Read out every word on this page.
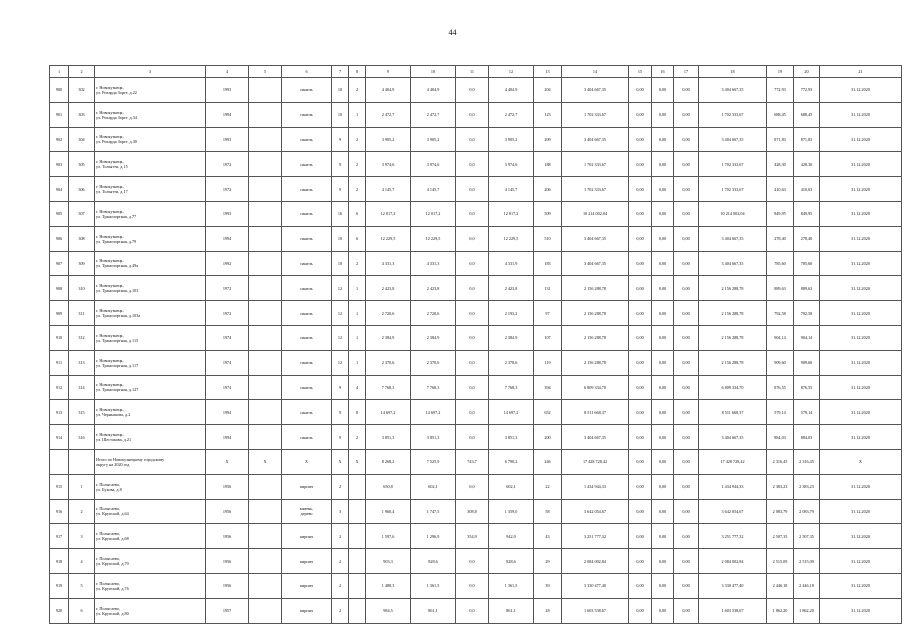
44
1	2	3	4	5	6	7	8	9	10	11	12	13	14	15	16	17	18	19	20	21
900	302	г. Новокузнецк,
ул. Рихарда Зорге, д.22	1993		панель	10	2	4 404,9	4 404,9	0,0	4 404,9	204	3 404 667,35	0,00	0,00	0,00	3 404 667,35	772,93	772,93	31.12.2020
901	303	г. Новокузнецк,
ул. Рихарда Зорге, д.34	1994		панель	10	1	2 472,7	2 472,7	0,0	2 472,7	123	1 702 333,67	0,00	0,00	0,00	1 702 333,67	688,45	688,45	31.12.2020
902	304	г. Новокузнецк,
ул. Рихарда Зорге, д.30	1993		панель	9	2	3 905,2	3 905,2	0,0	3 905,2	209	3 404 667,35	0,00	0,00	0,00	3 404 667,35	871,83	871,83	31.12.2020
903	305	г. Новокузнецк,
ул. Тольятти, д.15	1972		панель	9	2	3 974,6	3 974,6	0,0	3 974,6	188	1 702 333,67	0,00	0,00	0,00	1 702 333,67	428,30	428,30	31.12.2020
904	306	г. Новокузнецк,
ул. Тольятти, д.17	1972		панель	9	2	4 145,7	4 145,7	0,0	4 145,7	206	1 702 333,67	0,00	0,00	0,00	1 702 333,67	410,63	410,63	31.12.2020
905	307	г. Новокузнецк,
ул. Транспортная, д.77	1993		панель	16	6	12 017,2	12 017,2	0,0	12 017,2	509	10 214 002,04	0,00	0,00	0,00	10 214 002,04	849,95	849,95	31.12.2020
906	308	г. Новокузнецк,
ул. Транспортная, д.79	1994		панель	10	6	12 229,5	12 229,5	0,0	12 229,5	510	3 404 667,35	0,00	0,00	0,00	3 404 667,35	278,40	278,40	31.12.2020
907	309	г. Новокузнецк,
ул. Транспортная, д.49а	1992		панель	10	2	4 331,3	4 331,3	0,0	4 331,9	183	3 404 667,35	0,00	0,00	0,00	3 404 667,35	785,60	785,60	31.12.2020
908	310	г. Новокузнецк,
ул. Транспортная, д.103	1972		панель	12	1	2 423,8	2 423,8	0,0	2 423,8	131	2 156 288,78	0,00	0,00	0,00	2 156 288,78	889,63	889,63	31.12.2020
909	311	г. Новокузнецк,
ул. Транспортная, д.103а	1972		панель	12	1	2 720,6	2 720,6	0,0	2 193,2	97	2 156 288,78	0,00	0,00	0,00	2 156 288,78	792,58	792,58	31.12.2020
910	312	г. Новокузнецк,
ул. Транспортная, д.115	1974		панель	12	1	2 384,9	2 384,9	0,0	2 384,9	107	2 156 288,78	0,00	0,00	0,00	2 156 288,78	904,14	904,14	31.12.2020
911	313	г. Новокузнецк,
ул. Транспортная, д.117	1974		панель	12	1	2 370,6	2 370,6	0,0	2 370,6	119	2 156 288,78	0,00	0,00	0,00	2 156 288,78	909,60	909,60	31.12.2020
912	314	г. Новокузнецк,
ул. Транспортная, д.127	1974		панель	9	4	7 768,3	7 768,3	0,0	7 768,3	394	6 809 334,70	0,00	0,00	0,00	6 809 334,70	876,55	876,55	31.12.2020
913	315	г. Новокузнецк,
ул. Чернышова, д.2	1994		панель	9	8	14 697,2	14 697,2	0,0	14 697,2	652	8 511 668,37	0,00	0,00	0,00	8 511 668,37	579,14	579,14	31.12.2020
914	316	г. Новокузнецк,
ул. Шестакова, д.21	1994		панель	9	2	3 851,3	3 851,3	0,0	3 851,3	200	3 404 667,35	0,00	0,00	0,00	3 404 667,35	884,03	884,03	31.12.2020
		Итого по Новокузнецкому городскому
округу на 2020 год	X	X	X	X	X	8 268,2	7 525,9	743,7	6 790,2	246	17 428 728,42	0,00	0,00	0,00	17 428 728,42	2 316,45	2 316,45	X
915	1	г. Полысаево,
ул. Бухова, д.8	1956		кирпич	2		650,8	602,1	0,0	602,1	22	1 434 944,33	0,00	0,00	0,00	1 434 944,33	2 383,23	2 383,23	31.12.2020
916	2	г. Полысаево,
ул. Крупской, д.64	1956		камень,
дерево	3		1 960,4	1 747,5	308,8	1 359,0	58	3 642 054,67	0,00	0,00	0,00	3 642 054,67	2 083,79	2 083,79	31.12.2020
917	3	г. Полысаево,
ул. Крупской, д.68	1956		кирпич	2		1 597,6	1 296,9	354,9	942,0	43	3 251 777,32	0,00	0,00	0,00	3 251 777,32	2 507,35	2 507,35	31.12.2020
918	4	г. Полысаево,
ул. Крупской, д.70	1956		кирпич	2		903,3	828,6	0,0	828,6	29	2 084 002,84	0,00	0,00	0,00	2 084 002,84	2 515,09	2 515,09	31.12.2020
919	5	г. Полысаево,
ул. Крупской, д.76	1956		кирпич	2		1 488,3	1 361,5	0,0	1 361,5	39	3 330 477,40	0,00	0,00	0,00	3 330 477,40	2 446,18	2 446,18	31.12.2020
920	6	г. Полысаево,
ул. Крупской, д.80	1957		кирпич	2		984,5	861,1	0,0	861,1	28	1 603 538,67	0,00	0,00	0,00	1 603 538,67	1 862,20	1 862,20	31.12.2020
